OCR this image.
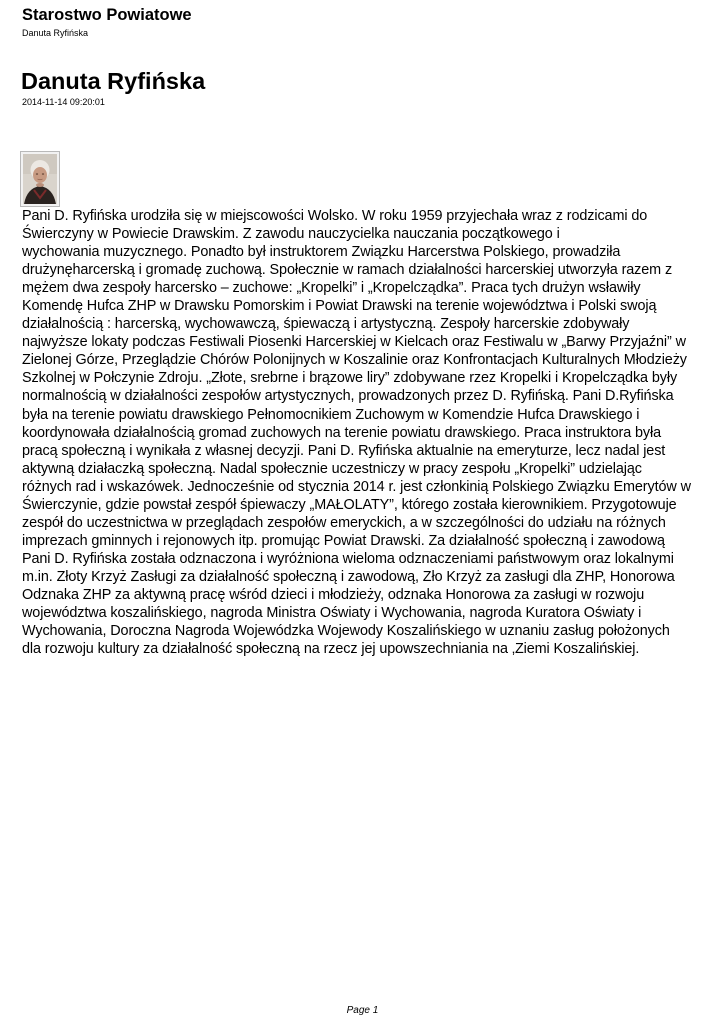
Starostwo Powiatowe

Danuta Ryfińska

Danuta Ryfińska

2014-11-14 09:20:01

Pani D. Ryfińska urodziła się w miejscowości Wolsko. W roku 1959 przyjechała wraz z rodzicami do
Świerczyny w Powiecie Drawskim. Z zawodu nauczycielka nauczania początkowego i
wychowania muzycznego. Ponadto był instruktorem Związku Harcerstwa Polskiego, prowadziła
drużynęharcerską i gromadę zuchową. Społecznie w ramach działalności harcerskiej utworzyła razem z
mężem dwa zespoły harcersko – zuchowe: „Kropelki” i „Kropelcządka”. Praca tych drużyn wsławiły
Komendę Hufca ZHP w Drawsku Pomorskim i Powiat Drawski na terenie województwa i Polski swoją
działalnością : harcerską, wychowawczą, śpiewaczą i artystyczną. Zespoły harcerskie zdobywały
najwyższe lokaty podczas Festiwali Piosenki Harcerskiej w Kielcach oraz Festiwalu w „Barwy Przyjaźni” w
Zielonej Górze, Przeglądzie Chórów Polonijnych w Koszalinie oraz Konfrontacjach Kulturalnych Młodzieży
Szkolnej w Połczynie Zdroju. „Złote, srebrne i brązowe liry” zdobywane rzez Kropelki i Kropelcządka były
normalnością w działalności zespołów artystycznych, prowadzonych przez D. Ryfińską. Pani D.Ryfińska
była na terenie powiatu drawskiego Pełnomocnikiem Zuchowym w Komendzie Hufca Drawskiego i
koordynowała działalnością gromad zuchowych na terenie powiatu drawskiego. Praca instruktora była
pracą społeczną i wynikała z własnej decyzji. Pani D. Ryfińska aktualnie na emeryturze, lecz nadal jest
aktywną działaczką społeczną. Nadal społecznie uczestniczy w pracy zespołu „Kropelki” udzielając
różnych rad i wskazówek. Jednocześnie od stycznia 2014 r. jest członkinią Polskiego Związku Emerytów w
Świerczynie, gdzie powstał zespół śpiewaczy „MAŁOLATY”, którego została kierownikiem. Przygotowuje
zespół do uczestnictwa w przeglądach zespołów emeryckich, a w szczególności do udziału na różnych
imprezach gminnych i rejonowych itp. promując Powiat Drawski. Za działalność społeczną i zawodową
Pani D. Ryfińska została odznaczona i wyróżniona wieloma odznaczeniami państwowym oraz lokalnymi
m.in. Złoty Krzyż Zasługi za działalność społeczną i zawodową, Zło Krzyż za zasługi dla ZHP, Honorowa
Odznaka ZHP za aktywną pracę wśród dzieci i młodzieży, odznaka Honorowa za zasługi w rozwoju
województwa koszalińskiego, nagroda Ministra Oświaty i Wychowania, nagroda Kuratora Oświaty i
Wychowania, Doroczna Nagroda Wojewódzka Wojewody Koszalińskiego w uznaniu zasług położonych
dla rozwoju kultury za działalność społeczną na rzecz jej upowszechniania na ‚Ziemi Koszalińskiej.

Page 1
